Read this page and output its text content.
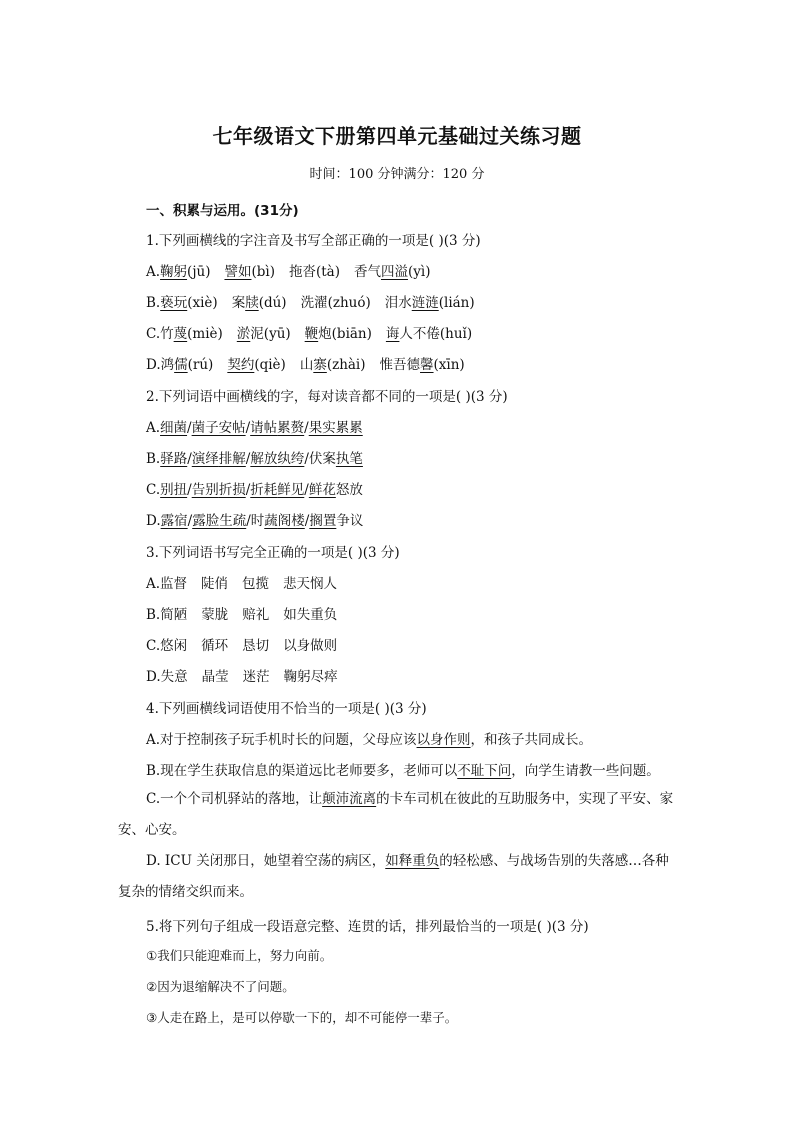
七年级语文下册第四单元基础过关练习题
时间：100 分钟满分：120 分
一、积累与运用。(31分)
1.下列画横线的字注音及书写全部正确的一项是( )(3 分)
A.鞠躬(jū) 譬如(bì) 拖沓(tà) 香气四溢(yì)
B.亵玩(xiè) 案牍(dú) 洗濯(zhuó) 泪水涟涟(lián)
C.竹蔑(miè) 淤泥(yū) 鞭炮(biān) 诲人不倦(huǐ)
D.鸿儒(rú) 契约(qiè) 山寨(zhài) 惟吾德馨(xīn)
2.下列词语中画横线的字，每对读音都不同的一项是( )(3 分)
A.细菌/菌子安帖/请帖累赘/果实累累
B.驿路/演绎排解/解放纨绔/伏案执笔
C.别扭/告别折损/折耗鲜见/鲜花怒放
D.露宿/露脸生疏/时蔬阁楼/搁置争议
3.下列词语书写完全正确的一项是( )(3 分)
A.监督 陡俏 包揽 悲天悯人
B.简陋 蒙胧 赔礼 如失重负
C.悠闲 循环 恳切 以身做则
D.失意 晶莹 迷茫 鞠躬尽瘁
4.下列画横线词语使用不恰当的一项是( )(3 分)
A.对于控制孩子玩手机时长的问题，父母应该以身作则，和孩子共同成长。
B.现在学生获取信息的渠道远比老师要多，老师可以不耻下问，向学生请教一些问题。
C.一个个司机驿站的落地，让颠沛流离的卡车司机在彼此的互助服务中，实现了平安、家安、心安。
D. ICU 关闭那日，她望着空荡的病区，如释重负的轻松感、与战场告别的失落感…各种复杂的情绪交织而来。
5.将下列句子组成一段语意完整、连贯的话，排列最恰当的一项是( )(3 分)
①我们只能迎难而上，努力向前。
②因为退缩解决不了问题。
③人走在路上，是可以停歇一下的，却不可能停一辈子。
